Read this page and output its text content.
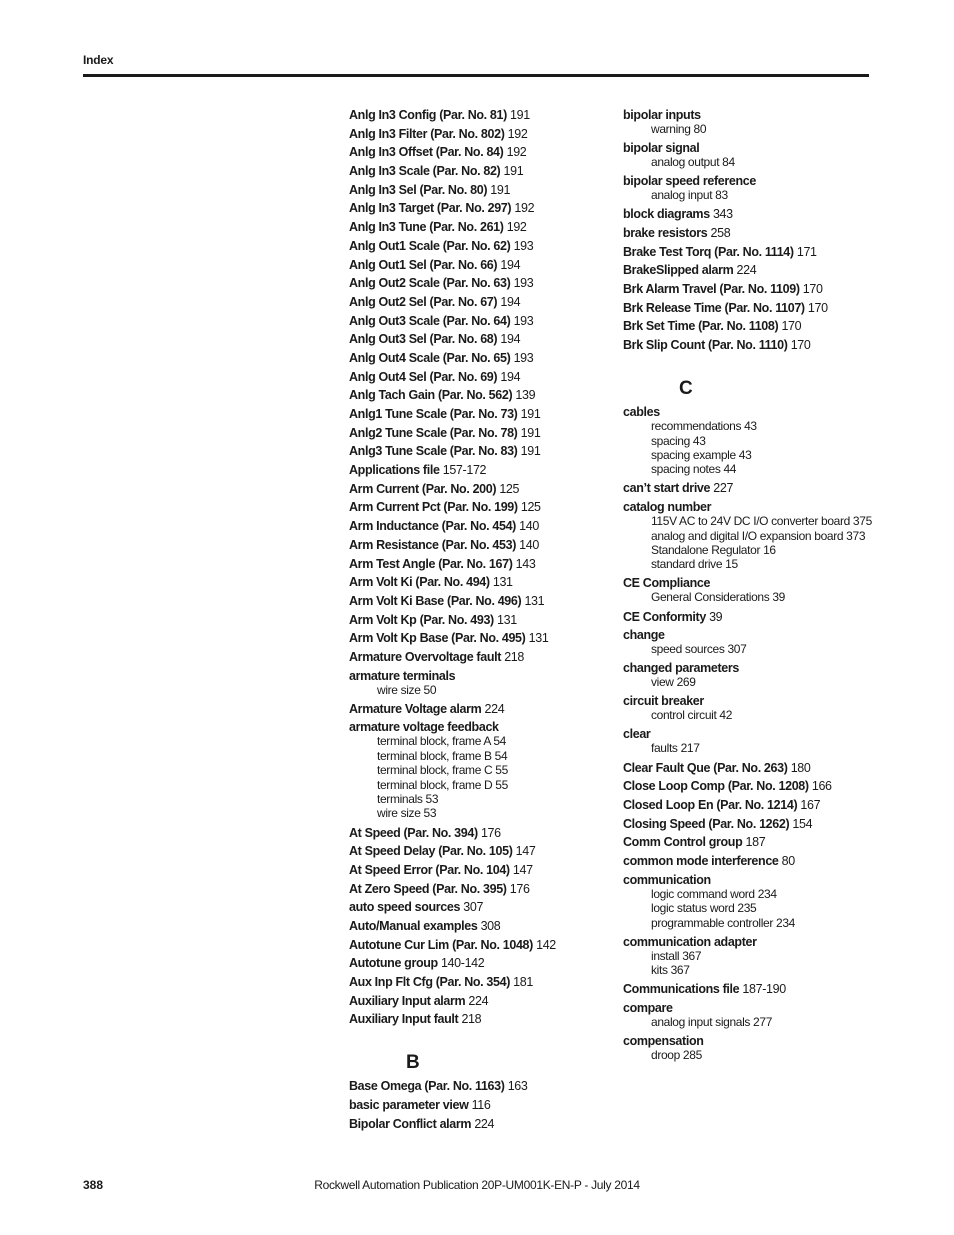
Index
Anlg In3 Config (Par. No. 81) 191
Anlg In3 Filter (Par. No. 802) 192
Anlg In3 Offset (Par. No. 84) 192
Anlg In3 Scale (Par. No. 82) 191
Anlg In3 Sel (Par. No. 80) 191
Anlg In3 Target (Par. No. 297) 192
Anlg In3 Tune (Par. No. 261) 192
Anlg Out1 Scale (Par. No. 62) 193
Anlg Out1 Sel (Par. No. 66) 194
Anlg Out2 Scale (Par. No. 63) 193
Anlg Out2 Sel (Par. No. 67) 194
Anlg Out3 Scale (Par. No. 64) 193
Anlg Out3 Sel (Par. No. 68) 194
Anlg Out4 Scale (Par. No. 65) 193
Anlg Out4 Sel (Par. No. 69) 194
Anlg Tach Gain (Par. No. 562) 139
Anlg1 Tune Scale (Par. No. 73) 191
Anlg2 Tune Scale (Par. No. 78) 191
Anlg3 Tune Scale (Par. No. 83) 191
Applications file 157-172
Arm Current (Par. No. 200) 125
Arm Current Pct (Par. No. 199) 125
Arm Inductance (Par. No. 454) 140
Arm Resistance (Par. No. 453) 140
Arm Test Angle (Par. No. 167) 143
Arm Volt Ki (Par. No. 494) 131
Arm Volt Ki Base (Par. No. 496) 131
Arm Volt Kp (Par. No. 493) 131
Arm Volt Kp Base (Par. No. 495) 131
Armature Overvoltage fault 218
armature terminals
wire size 50
Armature Voltage alarm 224
armature voltage feedback
terminal block, frame A 54
terminal block, frame B 54
terminal block, frame C 55
terminal block, frame D 55
terminals 53
wire size 53
At Speed (Par. No. 394) 176
At Speed Delay (Par. No. 105) 147
At Speed Error (Par. No. 104) 147
At Zero Speed (Par. No. 395) 176
auto speed sources 307
Auto/Manual examples 308
Autotune Cur Lim (Par. No. 1048) 142
Autotune group 140-142
Aux Inp Flt Cfg (Par. No. 354) 181
Auxiliary Input alarm 224
Auxiliary Input fault 218
B
Base Omega (Par. No. 1163) 163
basic parameter view 116
Bipolar Conflict alarm 224
bipolar inputs
warning 80
bipolar signal
analog output 84
bipolar speed reference
analog input 83
block diagrams 343
brake resistors 258
Brake Test Torq (Par. No. 1114) 171
BrakeSlipped alarm 224
Brk Alarm Travel (Par. No. 1109) 170
Brk Release Time (Par. No. 1107) 170
Brk Set Time (Par. No. 1108) 170
Brk Slip Count (Par. No. 1110) 170
C
cables
recommendations 43
spacing 43
spacing example 43
spacing notes 44
can’t start drive 227
catalog number
115V AC to 24V DC I/O converter board 375
analog and digital I/O expansion board 373
Standalone Regulator 16
standard drive 15
CE Compliance
General Considerations 39
CE Conformity 39
change
speed sources 307
changed parameters
view 269
circuit breaker
control circuit 42
clear
faults 217
Clear Fault Que (Par. No. 263) 180
Close Loop Comp (Par. No. 1208) 166
Closed Loop En (Par. No. 1214) 167
Closing Speed (Par. No. 1262) 154
Comm Control group 187
common mode interference 80
communication
logic command word 234
logic status word 235
programmable controller 234
communication adapter
install 367
kits 367
Communications file 187-190
compare
analog input signals 277
compensation
droop 285
388	Rockwell Automation Publication 20P-UM001K-EN-P - July 2014
